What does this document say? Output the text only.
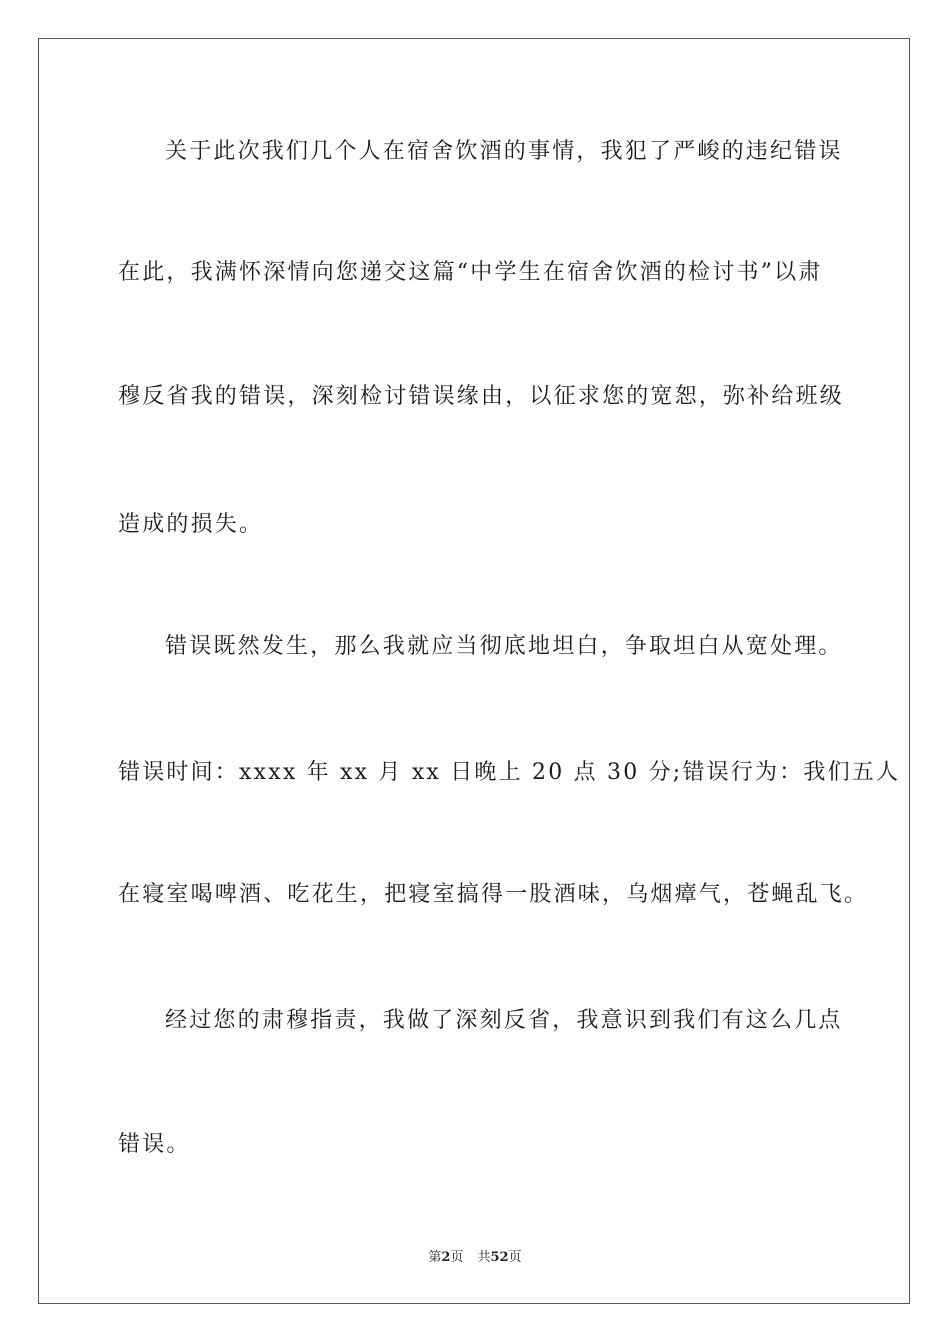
关于此次我们几个人在宿舍饮酒的事情，我犯了严峻的违纪错误
在此，我满怀深情向您递交这篇“中学生在宿舍饮酒的检讨书”以肃
穆反省我的错误，深刻检讨错误缘由，以征求您的宽恕，弥补给班级
造成的损失。
错误既然发生，那么我就应当彻底地坦白，争取坦白从宽处理。
错误时间：xxxx 年 xx 月 xx 日晚上 20 点 30 分;错误行为：我们五人
在寝室喝啤酒、吃花生，把寝室搞得一股酒味，乌烟瘴气，苍蝇乱飞。
经过您的肃穆指责，我做了深刻反省，我意识到我们有这么几点
错误。
第2页 共52页
